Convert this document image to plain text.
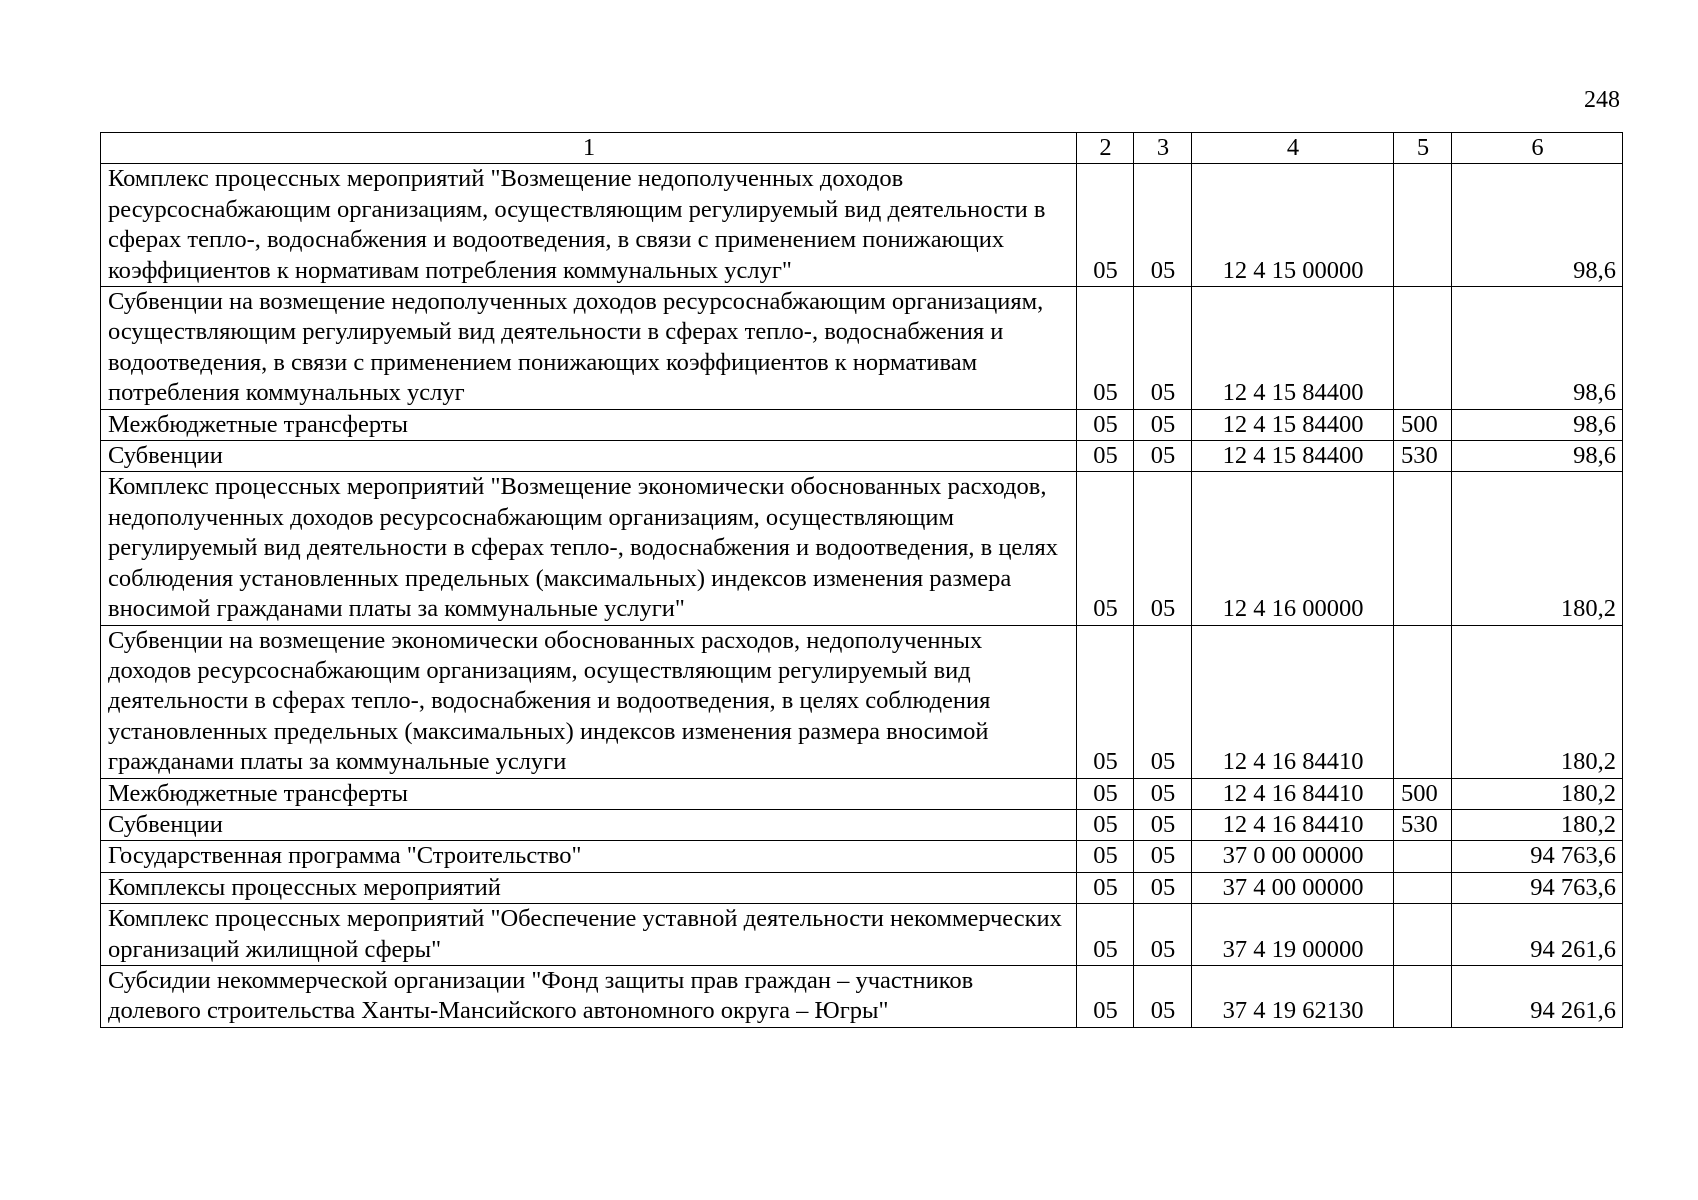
248
1	2	3	4	5	6
Комплекс процессных мероприятий "Возмещение недополученных доходов ресурсоснабжающим организациям, осуществляющим регулируемый вид деятельности в сферах тепло-, водоснабжения и водоотведения, в связи с применением понижающих коэффициентов к нормативам потребления коммунальных услуг"	05	05	12 4 15 00000		98,6
Субвенции на возмещение недополученных доходов ресурсоснабжающим организациям, осуществляющим регулируемый вид деятельности в сферах тепло-, водоснабжения и водоотведения, в связи с применением понижающих коэффициентов к нормативам потребления коммунальных услуг	05	05	12 4 15 84400		98,6
Межбюджетные трансферты	05	05	12 4 15 84400	500	98,6
Субвенции	05	05	12 4 15 84400	530	98,6
Комплекс процессных мероприятий "Возмещение экономически обоснованных расходов, недополученных доходов ресурсоснабжающим организациям, осуществляющим регулируемый вид деятельности в сферах тепло-, водоснабжения и водоотведения, в целях соблюдения установленных предельных (максимальных) индексов изменения размера вносимой гражданами платы за коммунальные услуги"	05	05	12 4 16 00000		180,2
Субвенции на возмещение экономически обоснованных расходов, недополученных доходов ресурсоснабжающим организациям, осуществляющим регулируемый вид деятельности в сферах тепло-, водоснабжения и водоотведения, в целях соблюдения установленных предельных (максимальных) индексов изменения размера вносимой гражданами платы за коммунальные услуги	05	05	12 4 16 84410		180,2
Межбюджетные трансферты	05	05	12 4 16 84410	500	180,2
Субвенции	05	05	12 4 16 84410	530	180,2
Государственная программа "Строительство"	05	05	37 0 00 00000		94 763,6
Комплексы процессных мероприятий	05	05	37 4 00 00000		94 763,6
Комплекс процессных мероприятий "Обеспечение уставной деятельности некоммерческих организаций жилищной сферы"	05	05	37 4 19 00000		94 261,6
Субсидии некоммерческой организации "Фонд защиты прав граждан – участников долевого строительства Ханты-Мансийского автономного округа – Югры"	05	05	37 4 19 62130		94 261,6
